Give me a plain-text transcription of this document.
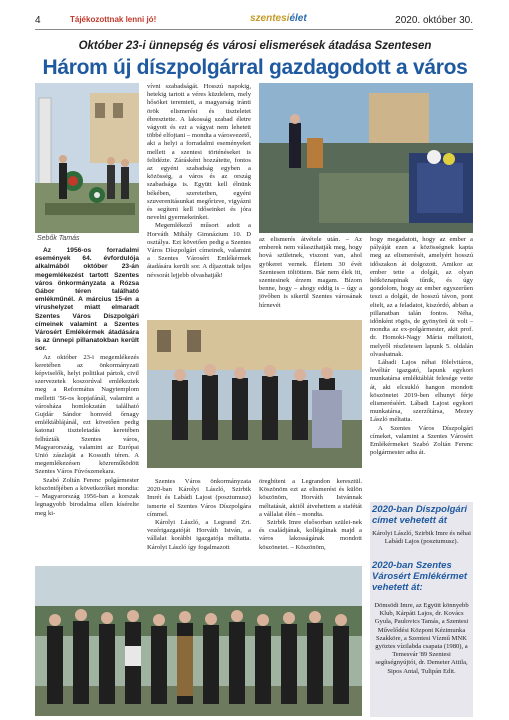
4	Tájékozottnak lenni jó!	szentesiélet	2020. október 30.
Október 23-i ünnepség és városi elismerések átadása Szentesen
Három új díszpolgárral gazdagodott a város
Sebők Tamás

Az 1956-os forradalmi események 64. évfordulója alkalmából október 23-án megemlékezést tartott Szentes város önkormányzata a Rózsa Gábor téren található emlékműnél. A március 15-én a vírushelyzet miatt elmaradt Szentes Város Díszpolgári címeinek valamint a Szentes Városért Emlékérmek átadására is az ünnepi pillanatokban került sor.

Az október 23-i megemlékezés keretében az önkormányzati képviselők, helyi politikai pártok, civil szervezetek koszorúval emlékeztek meg a Református Nagytemplom melletti '56-os kopjafánál, valamint a városháza homlokzatán található Gujdár Sándor homvéd őrnagy emléktáblájánál, ezt követően pedig katonai tiszteletadás keretében felhúzták Szentes város, Magyarország, valamint az Európai Unió zászlaját a Kossuth téren. A megemlékezésen közreműködött Szentes Város Fúvószenekara.

Szabó Zoltán Ferenc polgármester köszöntőjében a következőket mondta: – Magyarország 1956-ban a korszak legnagyobb birodalma ellen kísérelte meg ki-

vívni szabadságát. Hosszú napokig, hetekig tartott a véres küzdelem, mely hősöket teremtett, a magyarság iránti örök elismerést és tiszteletet ébresztette. A lakosság szabad életre vágyott és ezt a vágyat nem lehetett többé elfojtani – mondta a városvezető, aki a helyi a forradalmi eseményeket mellett a szentesi történéseket is felidézte. Zárásként hozzátette, fontos az egyéni szabadság egyben a közösség, a város és az ország szabadsága is. Együtt kell élnünk békében, szeretetben, egyéni szuverenitásunkat megőrizve, vigyázni és segíteni kell időseinket és jóra nevelni gyermekeinket.

Megemlékező műsort adott a Horváth Mihály Gimnázium 10. D osztálya. Ezt követően pedig a Szentes Város Díszpolgári címeinek, valamint a Szentes Városért Emlékérmek átadására került sor. A díjazottak teljes névsorát lejjebb olvashatják!

az elismerés átvétele után. – Az emberek nem választhatják meg, hogy hová születnek, viszont van, ahol gyökeret vernek. Életem 30 évét Szentesen töltöttem. Bár nem élek itt, szentesinek érzem magam. Bízom benne, hogy – ahogy eddig is – úgy a jövőben is sikerül Szentes városának hírnevét

hogy megadatott, hogy az ember a pályáját ezen a közösségnek kapta meg az elismerését, amelyért hosszú időszakon át dolgozott. Amikor az ember tette a dolgát, az olyan hétköznapinak tűnik, és úgy gondolom, hogy az ember egyszerűen teszi a dolgát, de hosszú távon, pont eltelt, az a feladatot, kiszórdó, abban a pillanatban talán fontos. Néha, időnként rögös, de gyönyörű út volt – mondta az ex-polgármester, akit prof. dr. Homoki-Nagy Mária méltatott, melyről részletesen lapunk 5. oldalán olvashatnak.

Lábadi Lajos néhai fölelvitáros, levéltár igazgató, lapunk egykori munkatársa emléktáblát felesége vette át, aki elcsukló hangon mondott köszönetet 2019-ben elhunyt férje elismeréséért. Lábadi Lajost egykori munkatársa, szerzőtársa, Mezey László méltatta.

A Szentes Város Díszpolgári címeket, valamint a Szentes Városért Emlékérmeket Szabó Zoltán Ferenc polgármester adta át.

Szentes Város önkormányzata 2020-ban Károlyi László, Szirbik Imrét és Labádi Lajost (posztumusz) ismerte el Szentes Város Díszpolgára címmel.

Károlyi László, a Legrand Zrt. vezérigazgatóját Horváth István, a vállalat korábbi igazgatója méltatta. Károlyi László így fogalmazott

öregbíteni a Legrandon keresztül. Köszönöm ezt az elismerést és külön köszönöm, Horváth Istvánnak méltatását, akitől átvehettem a stafétát a vállalat élén – mondta.

Szirbik Imre elsősorban szülei-nek és családjának, kollégáinak majd a város lakosságának mondott köszönetet. – Köszönöm,

2020-ban Díszpolgári címet vehetett át
Károlyi László, Szirbik Imre és néhai Labádi Lajos (posztumusz).
2020-ban Szentes Városért Emlékérmet vehetett át:
Dömsödi Imre, az Együtt könnyebb Klub, Kárpáti Lajos, dr. Kovács Gyula, Paulovics Tamás, a Szentesi Művelődési Központ Kézimunka Szakköre, a Szentesi Vízmű MNK gyöztes vízilabda csapata (1980), a Temesvár '89 Szentesi segítségnyújtói, dr. Demeter Attila, Sipos Antal, Tulipán Edit.
